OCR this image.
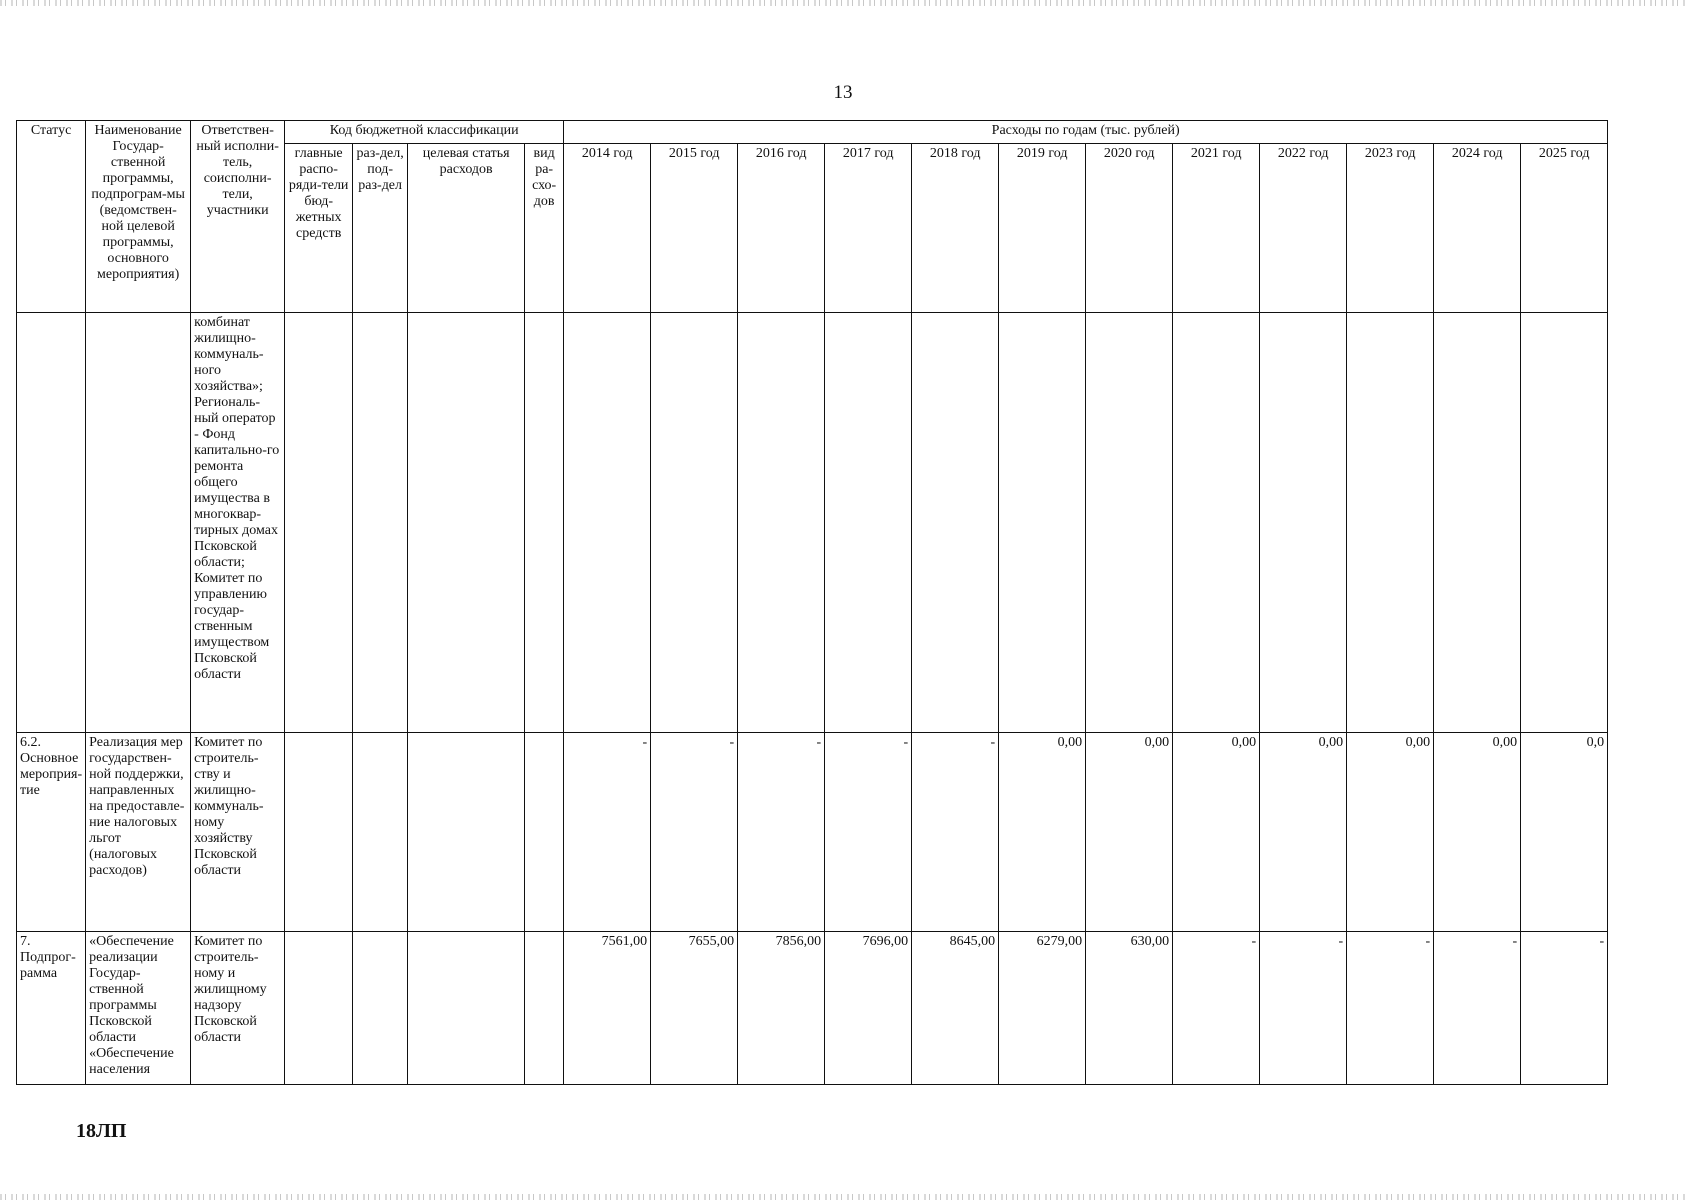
13
Статус	Наименование Государ-ственной программы, подпрограм-мы (ведомствен-ной целевой программы, основного мероприятия)	Ответствен-ный исполни-тель, соисполни-тели, участники	Код бюджетной классификации				Расходы по годам (тыс. рублей)											
			главные распо-ряди-тели бюд-жетных средств	раз-дел, под-раз-дел	целевая статья расходов	вид ра-схо-дов	2014 год	2015 год	2016 год	2017 год	2018 год	2019 год	2020 год	2021 год	2022 год	2023 год	2024 год	2025 год
		комбинат жилищно-коммуналь-ного хозяйства»; Региональ-ный оператор - Фонд капитально-го ремонта общего имущества в многоквар-тирных домах Псковской области; Комитет по управлению государ-ственным имуществом Псковской области																
6.2. Основное мероприя-тие	Реализация мер государствен-ной поддержки, направленных на предоставле-ние налоговых льгот (налоговых расходов)	Комитет по строитель-ству и жилищно-коммуналь-ному хозяйству Псковской области					-	-	-	-	-	0,00	0,00	0,00	0,00	0,00	0,00	0,0
7. Подпрог-рамма	«Обеспечение реализации Государ-ственной программы Псковской области «Обеспечение населения	Комитет по строитель-ному и жилищному надзору Псковской области					7561,00	7655,00	7856,00	7696,00	8645,00	6279,00	630,00	-	-	-	-	-
18ЛП
